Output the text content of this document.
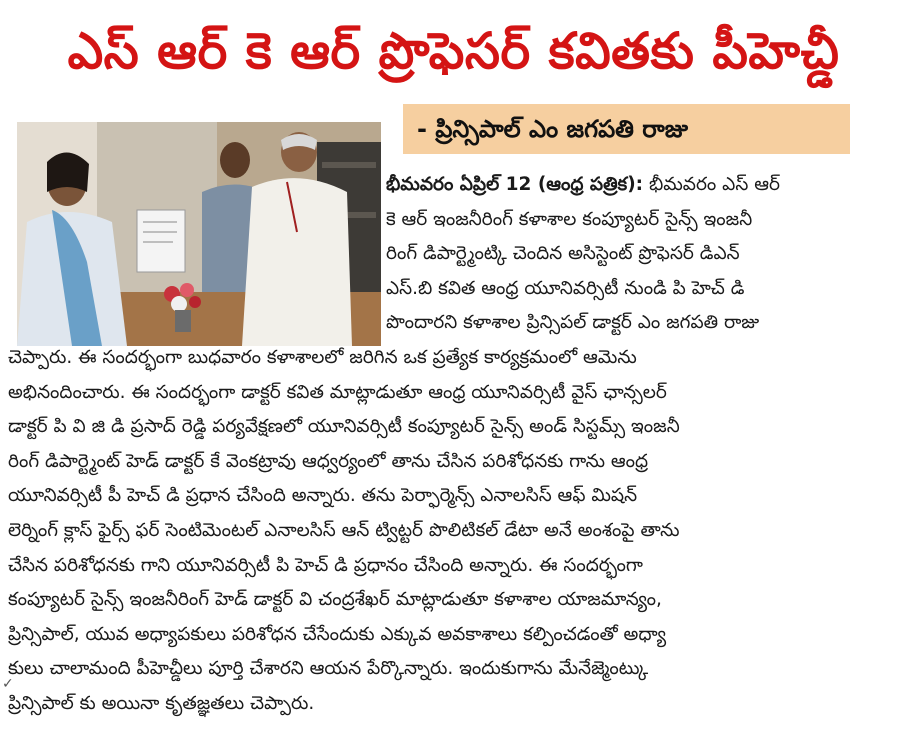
ఎస్ ఆర్ కె ఆర్ ప్రొఫెసర్ కవితకు పీహెచ్డీ
- ప్రిన్సిపాల్ ఎం జగపతి రాజు
భీమవరం ఏప్రిల్ 12 (ఆంధ్ర పత్రిక): భీమవరం ఎస్ ఆర్
కె ఆర్ ఇంజనీరింగ్ కళాశాల కంప్యూటర్ సైన్స్ ఇంజనీ
రింగ్ డిపార్ట్మెంట్కి చెందిన అసిస్టెంట్ ప్రొఫెసర్ డిఎన్
ఎస్.బి కవిత ఆంధ్ర యూనివర్సిటీ నుండి పి హెచ్ డి
పొందారని కళాశాల ప్రిన్సిపల్ డాక్టర్ ఎం జగపతి రాజు
చెప్పారు. ఈ సందర్భంగా బుధవారం కళాశాలలో జరిగిన ఒక ప్రత్యేక కార్యక్రమంలో ఆమెను
అభినందించారు. ఈ సందర్భంగా డాక్టర్ కవిత మాట్లాడుతూ ఆంధ్ర యూనివర్సిటీ వైస్ ఛాన్సలర్
డాక్టర్ పి వి జి డి ప్రసాద్ రెడ్డి పర్యవేక్షణలో యూనివర్సిటీ కంప్యూటర్ సైన్స్ అండ్ సిస్టమ్స్ ఇంజనీ
రింగ్ డిపార్ట్మెంట్ హెడ్ డాక్టర్ కే వెంకట్రావు ఆధ్వర్యంలో తాను చేసిన పరిశోధనకు గాను ఆంధ్ర
యూనివర్సిటీ పీ హెచ్ డి ప్రధాన చేసింది అన్నారు. తను పెర్ఫార్మెన్స్ ఎనాలసిస్ ఆఫ్ మిషన్
లెర్నింగ్ క్లాస్ ఫైర్స్ ఫర్ సెంటిమెంటల్ ఎనాలసిస్ ఆన్ ట్విట్టర్ పొలిటికల్ డేటా అనే అంశంపై తాను
చేసిన పరిశోధనకు గాని యూనివర్సిటీ పి హెచ్ డి ప్రధానం చేసింది అన్నారు. ఈ సందర్భంగా
కంప్యూటర్ సైన్స్ ఇంజనీరింగ్ హెడ్ డాక్టర్ వి చంద్రశేఖర్ మాట్లాడుతూ కళాశాల యాజమాన్యం,
ప్రిన్సిపాల్, యువ అధ్యాపకులు పరిశోధన చేసేందుకు ఎక్కువ అవకాశాలు కల్పించడంతో అధ్యా
కులు చాలామంది పీహెచ్డీలు పూర్తి చేశారని ఆయన పేర్కొన్నారు. ఇందుకుగాను మేనేజ్మెంట్కు
ప్రిన్సిపాల్ కు అయినా కృతజ్ఞతలు చెప్పారు.
✓
